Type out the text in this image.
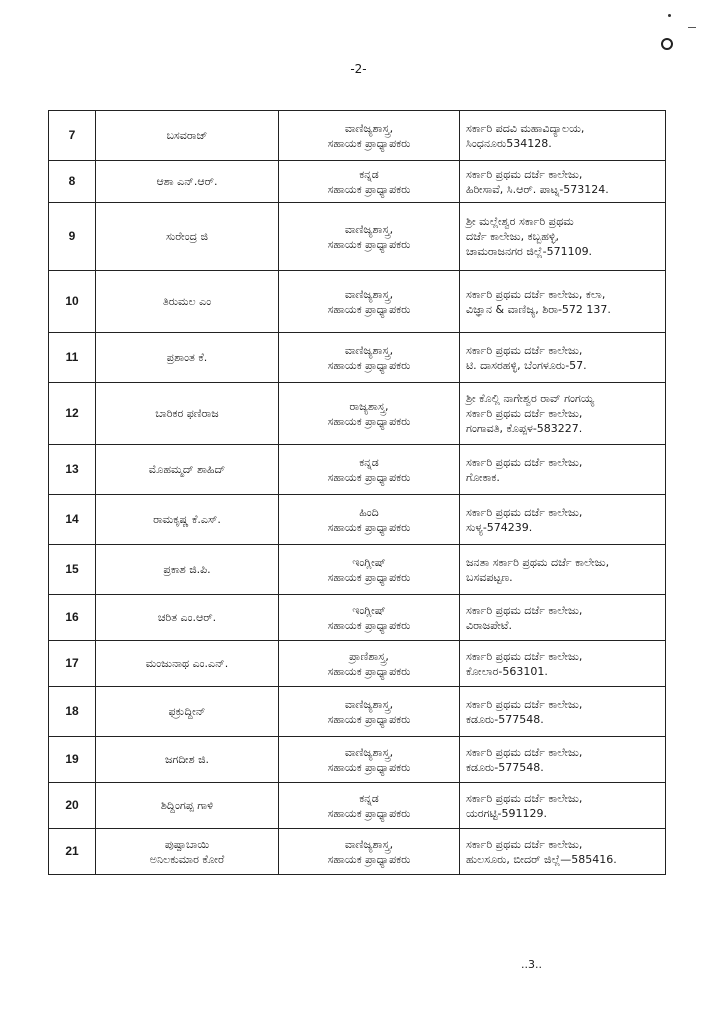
-2-
7	ಬಸವರಾಜ್	ವಾಣಿಜ್ಯಶಾಸ್ತ್ರ,
ಸಹಾಯಕ ಪ್ರಾಧ್ಯಾಪಕರು	ಸರ್ಕಾರಿ ಪದವಿ ಮಹಾವಿದ್ಯಾಲಯ,
ಸಿಂಧನೂರು534128.

8	ಆಶಾ ಎನ್.ಆರ್.	ಕನ್ನಡ
ಸಹಾಯಕ ಪ್ರಾಧ್ಯಾಪಕರು	ಸರ್ಕಾರಿ ಪ್ರಥಮ ದರ್ಜೆ ಕಾಲೇಜು,
ಹಿರೀಸಾವೆ, ಸಿ.ಆರ್. ಪಾಟ್ನ-573124.

9	ಸುರೇಂದ್ರ ಜಿ	ವಾಣಿಜ್ಯಶಾಸ್ತ್ರ,
ಸಹಾಯಕ ಪ್ರಾಧ್ಯಾಪಕರು	ಶ್ರೀ ಮಲ್ಲೇಶ್ವರ ಸರ್ಕಾರಿ ಪ್ರಥಮ
ದರ್ಜೆ ಕಾಲೇಜು, ಕಬ್ಬಹಳ್ಳಿ,
ಚಾಮರಾಜನಗರ ಜಿಲ್ಲೆ-571109.

10	ತಿರುಮಲ ಎಂ	ವಾಣಿಜ್ಯಶಾಸ್ತ್ರ,
ಸಹಾಯಕ ಪ್ರಾಧ್ಯಾಪಕರು	ಸರ್ಕಾರಿ ಪ್ರಥಮ ದರ್ಜೆ ಕಾಲೇಜು, ಕಲಾ,
ವಿಜ್ಞಾನ & ವಾಣಿಜ್ಯ, ಶಿರಾ-572 137.

11	ಪ್ರಶಾಂತ ಕೆ.	ವಾಣಿಜ್ಯಶಾಸ್ತ್ರ,
ಸಹಾಯಕ ಪ್ರಾಧ್ಯಾಪಕರು	ಸರ್ಕಾರಿ ಪ್ರಥಮ ದರ್ಜೆ ಕಾಲೇಜು,
ಟಿ. ದಾಸರಹಳ್ಳಿ, ಬೆಂಗಳೂರು-57.

12	ಬಾರಿಕರ ಫಣಿರಾಜ	ರಾಜ್ಯಶಾಸ್ತ್ರ,
ಸಹಾಯಕ ಪ್ರಾಧ್ಯಾಪಕರು	ಶ್ರೀ ಕೊಲ್ಲಿ ನಾಗೇಶ್ವರ ರಾವ್ ಗಂಗಯ್ಯ
ಸರ್ಕಾರಿ ಪ್ರಥಮ ದರ್ಜೆ ಕಾಲೇಜು,
ಗಂಗಾವತಿ, ಕೊಪ್ಪಳ-583227.

13	ಮೊಹಮ್ಮದ್ ಶಾಹಿದ್	ಕನ್ನಡ
ಸಹಾಯಕ ಪ್ರಾಧ್ಯಾಪಕರು	ಸರ್ಕಾರಿ ಪ್ರಥಮ ದರ್ಜೆ ಕಾಲೇಜು,
ಗೋಕಾಕ.

14	ರಾಮಕೃಷ್ಣ ಕೆ.ಎಸ್.	ಹಿಂದಿ
ಸಹಾಯಕ ಪ್ರಾಧ್ಯಾಪಕರು	ಸರ್ಕಾರಿ ಪ್ರಥಮ ದರ್ಜೆ ಕಾಲೇಜು,
ಸುಳ್ಯ-574239.

15	ಪ್ರಕಾಶ ಜಿ.ಪಿ.	ಇಂಗ್ಲೀಷ್
ಸಹಾಯಕ ಪ್ರಾಧ್ಯಾಪಕರು	ಜನತಾ ಸರ್ಕಾರಿ ಪ್ರಥಮ ದರ್ಜೆ ಕಾಲೇಜು,
ಬಸವಪಟ್ಟಣ.

16	ಚರಿತ ಎಂ.ಆರ್.	ಇಂಗ್ಲೀಷ್
ಸಹಾಯಕ ಪ್ರಾಧ್ಯಾಪಕರು	ಸರ್ಕಾರಿ ಪ್ರಥಮ ದರ್ಜೆ ಕಾಲೇಜು,
ವಿರಾಜಪೇಟೆ.

17	ಮಂಜುನಾಥ ಎಂ.ಎನ್.	ಪ್ರಾಣಿಶಾಸ್ತ್ರ,
ಸಹಾಯಕ ಪ್ರಾಧ್ಯಾಪಕರು	ಸರ್ಕಾರಿ ಪ್ರಥಮ ದರ್ಜೆ ಕಾಲೇಜು,
ಕೋಲಾರ-563101.

18	ಫಕ್ರುದ್ದೀನ್	ವಾಣಿಜ್ಯಶಾಸ್ತ್ರ,
ಸಹಾಯಕ ಪ್ರಾಧ್ಯಾಪಕರು	ಸರ್ಕಾರಿ ಪ್ರಥಮ ದರ್ಜೆ ಕಾಲೇಜು,
ಕಡೂರು-577548.

19	ಜಗದೀಶ ಜಿ.	ವಾಣಿಜ್ಯಶಾಸ್ತ್ರ,
ಸಹಾಯಕ ಪ್ರಾಧ್ಯಾಪಕರು	ಸರ್ಕಾರಿ ಪ್ರಥಮ ದರ್ಜೆ ಕಾಲೇಜು,
ಕಡೂರು-577548.

20	ಶಿದ್ದಿಂಗಪ್ಪ ಗಾಳಿ	ಕನ್ನಡ
ಸಹಾಯಕ ಪ್ರಾಧ್ಯಾಪಕರು	ಸರ್ಕಾರಿ ಪ್ರಥಮ ದರ್ಜೆ ಕಾಲೇಜು,
ಯರಗಟ್ಟಿ-591129.

21	ಪುಷ್ಪಾಬಾಯಿ
ಅನಿಲಕುಮಾರ ಕೋರೆ	ವಾಣಿಜ್ಯಶಾಸ್ತ್ರ,
ಸಹಾಯಕ ಪ್ರಾಧ್ಯಾಪಕರು	ಸರ್ಕಾರಿ ಪ್ರಥಮ ದರ್ಜೆ ಕಾಲೇಜು,
ಹುಲಸೂರು, ಬೀದರ್ ಜಿಲ್ಲೆ—585416.
..3..
